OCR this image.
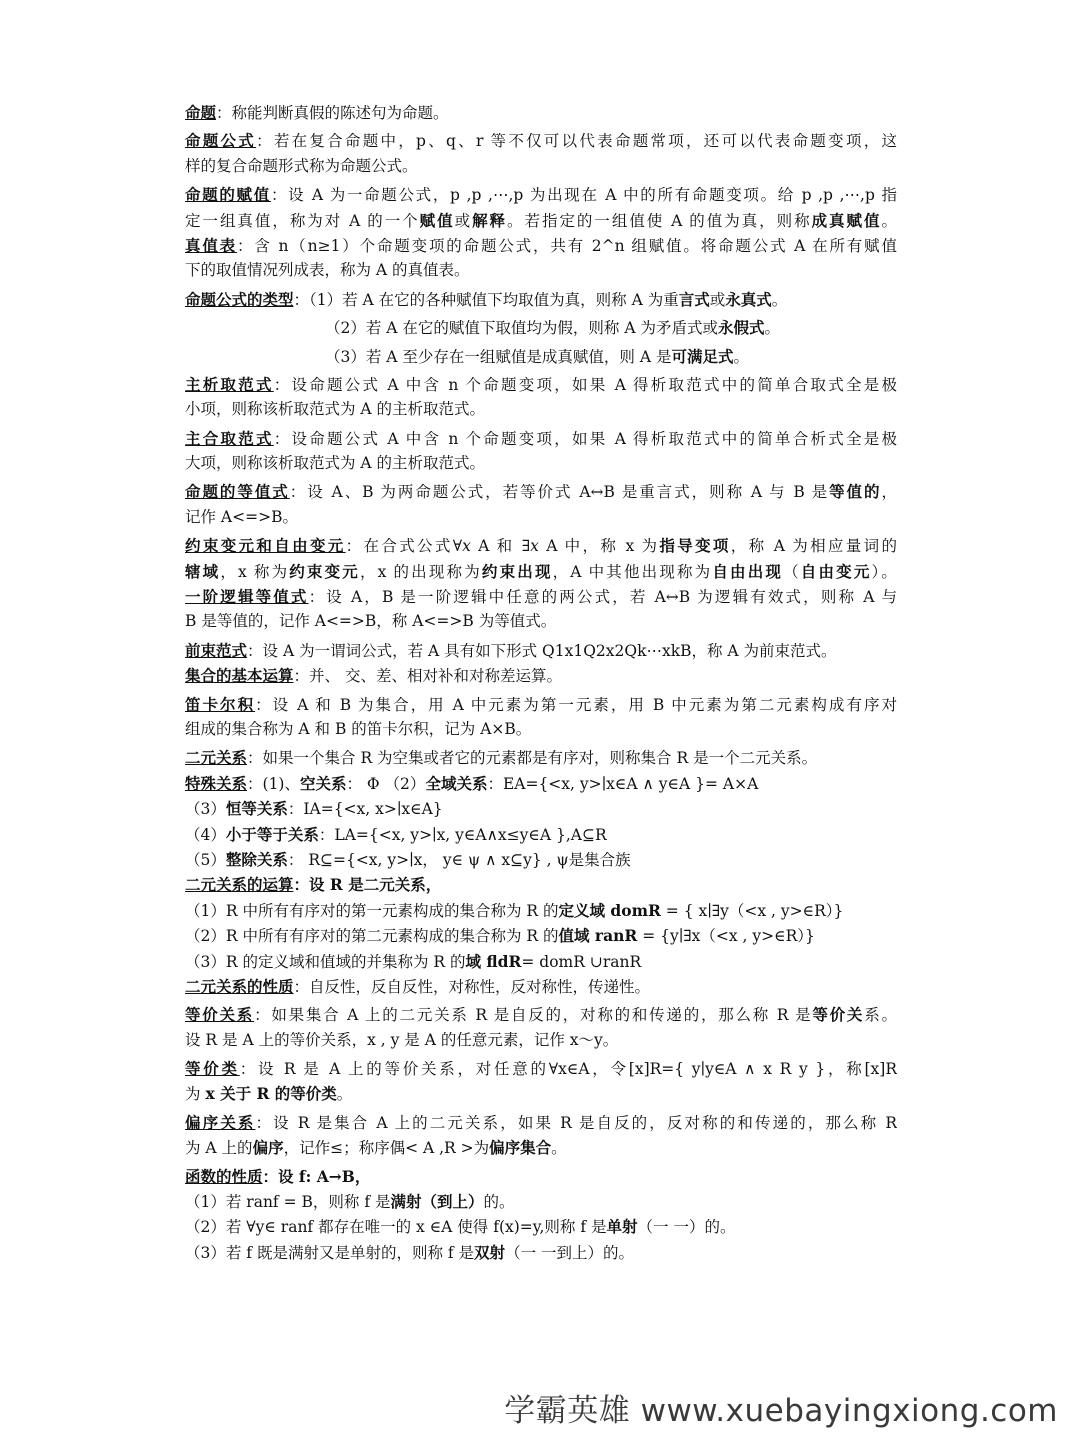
命题：称能判断真假的陈述句为命题。
命题公式：若在复合命题中，p、q、r 等不仅可以代表命题常项，还可以代表命题变项，这
样的复合命题形式称为命题公式。
命题的赋值：设 A 为一命题公式，p ,p ,⋯,p 为出现在 A 中的所有命题变项。给 p ,p ,⋯,p 指
定一组真值，称为对 A 的一个赋值或解释。若指定的一组值使 A 的值为真，则称成真赋值。
真值表：含 n（n≥1）个命题变项的命题公式，共有 2^n 组赋值。将命题公式 A 在所有赋值
下的取值情况列成表，称为 A 的真值表。
命题公式的类型：（1）若 A 在它的各种赋值下均取值为真，则称 A 为重言式或永真式。
（2）若 A 在它的赋值下取值均为假，则称 A 为矛盾式或永假式。
（3）若 A 至少存在一组赋值是成真赋值，则 A 是可满足式。
主析取范式：设命题公式 A 中含 n 个命题变项，如果 A 得析取范式中的简单合取式全是极
小项，则称该析取范式为 A 的主析取范式。
主合取范式：设命题公式 A 中含 n 个命题变项，如果 A 得析取范式中的简单合析式全是极
大项，则称该析取范式为 A 的主析取范式。
命题的等值式：设 A、B 为两命题公式，若等价式 A↔B 是重言式，则称 A 与 B 是等值的，
记作 A<=>B。
约束变元和自由变元：在合式公式∀x A 和 ∃x A 中，称 x 为指导变项，称 A 为相应量词的
辖域，x 称为约束变元，x 的出现称为约束出现，A 中其他出现称为自由出现（自由变元）。
一阶逻辑等值式：设 A，B 是一阶逻辑中任意的两公式，若 A↔B 为逻辑有效式，则称 A 与
B 是等值的，记作 A<=>B，称 A<=>B 为等值式。
前束范式：设 A 为一谓词公式，若 A 具有如下形式 Q1x1Q2x2Qk⋯xkB，称 A 为前束范式。
集合的基本运算：并、 交、差、相对补和对称差运算。
笛卡尔积：设 A 和 B 为集合，用 A 中元素为第一元素，用 B 中元素为第二元素构成有序对
组成的集合称为 A 和 B 的笛卡尔积，记为 A×B。
二元关系：如果一个集合 R 为空集或者它的元素都是有序对，则称集合 R 是一个二元关系。
特殊关系：(1)、空关系： Φ （2）全域关系：EA={<x, y>∣x∈A ∧ y∈A }= A×A
（3）恒等关系：IA={<x, x>∣x∈A}
（4）小于等于关系：LA={<x, y>∣x, y∈A∧x≤y∈A },A⊆R
（5）整除关系： R⊆={<x, y>∣x， y∈ ψ ∧ x⊆y} , ψ是集合族
二元关系的运算：设 R 是二元关系，
（1）R 中所有有序对的第一元素构成的集合称为 R 的定义域 domR = { x∣∃y（<x , y>∈R）}
（2）R 中所有有序对的第二元素构成的集合称为 R 的值域 ranR = {y∣∃x（<x , y>∈R）}
（3）R 的定义域和值域的并集称为 R 的域 fldR= domR ∪ranR
二元关系的性质：自反性，反自反性，对称性，反对称性，传递性。
等价关系：如果集合 A 上的二元关系 R 是自反的，对称的和传递的，那么称 R 是等价关系。
设 R 是 A 上的等价关系，x , y 是 A 的任意元素，记作 x～y。
等价类：设 R 是 A 上的等价关系，对任意的∀x∈A，令[x]R={ y∣y∈A ∧ x R y }，称[x]R
为 x 关于 R 的等价类。
偏序关系：设 R 是集合 A 上的二元关系，如果 R 是自反的，反对称的和传递的，那么称 R
为 A 上的偏序，记作≤；称序偶< A ,R >为偏序集合。
函数的性质：设 f: A→B，
（1）若 ranf = B，则称 f 是满射（到上）的。
（2）若 ∀y∈ ranf 都存在唯一的 x ∈A 使得 f(x)=y,则称 f 是单射（一 一）的。
（3）若 f 既是满射又是单射的，则称 f 是双射（一 一到上）的。
学霸英雄 www.xuebayingxiong.com
